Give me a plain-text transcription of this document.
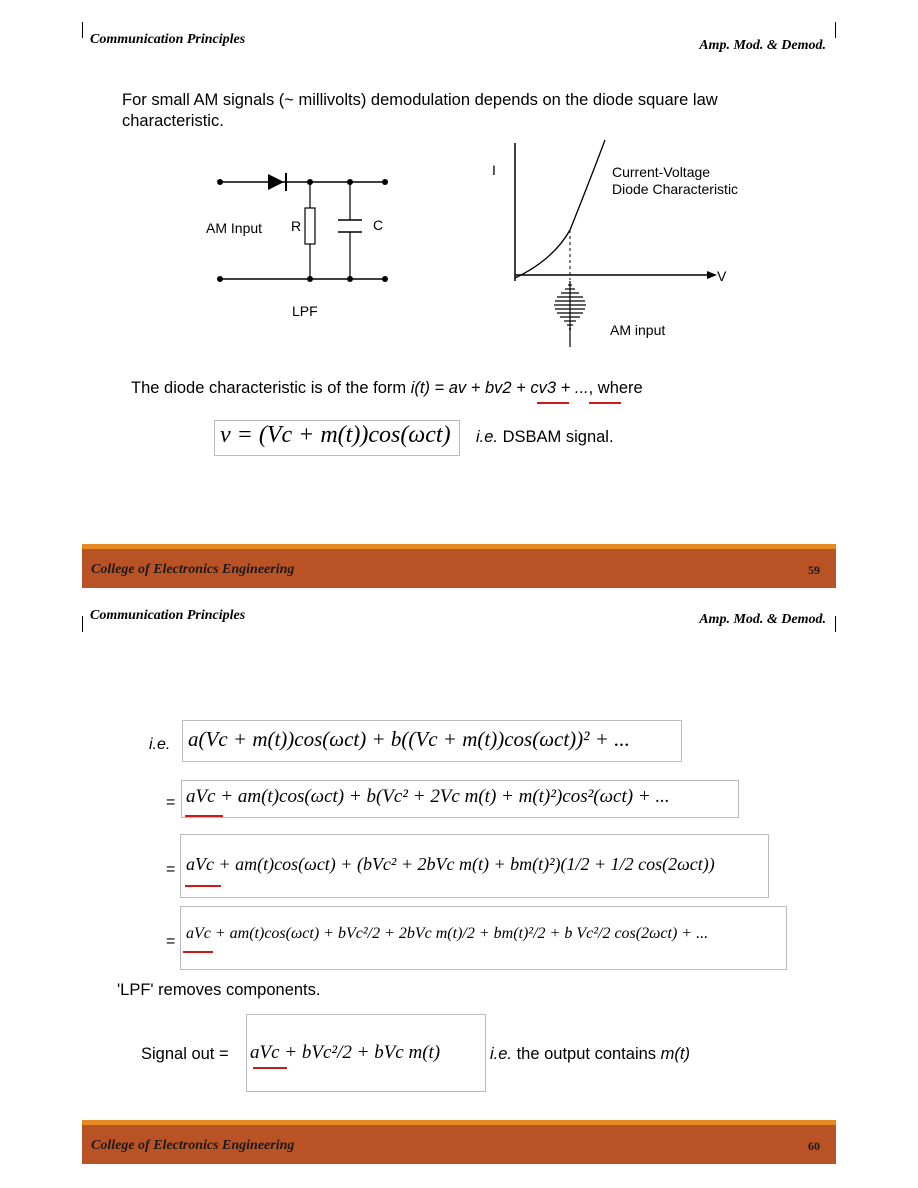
Communication Principles	Amp. Mod. & Demod.
For small AM signals (~ millivolts) demodulation depends on the diode square law characteristic.
AM Input R	C
LPF
I
V
Current-Voltage
Diode Characteristic
AM input
The diode characteristic is of the form i(t) = av + bv2 + cv3 + ..., where
v = (Vc + m(t))cos(ωct) i.e. DSBAM signal.
College of Electronics Engineering	59
Communication Principles	Amp. Mod. & Demod.
i.e. a(Vc + m(t))cos(ωct) + b((Vc + m(t))cos(ωct))² + ...
= aVc + am(t)cos(ωct) + b(Vc² + 2Vc m(t) + m(t)²)cos²(ωct) + ...
= aVc + am(t)cos(ωct) + (bVc² + 2bVc m(t) + bm(t)²)(1/2 + 1/2 cos(2ωct))
= aVc + am(t)cos(ωct) + bVc²/2 + 2bVc m(t)/2 + bm(t)²/2 + b Vc²/2 cos(2ωct) + ...
'LPF' removes components.
Signal out = aVc + bVc²/2 + bVc m(t)	i.e. the output contains m(t)
College of Electronics Engineering	60
